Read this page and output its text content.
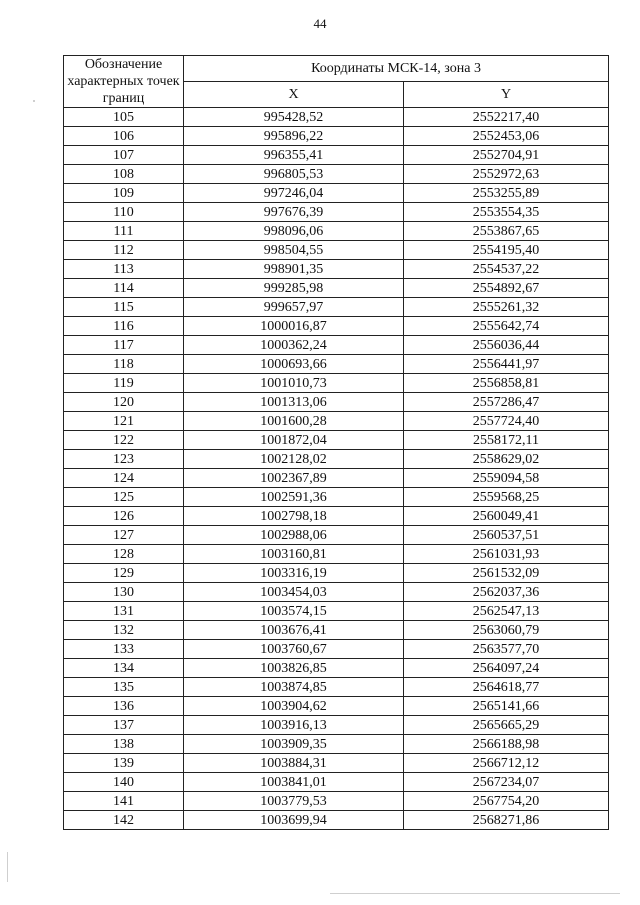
44
Обозначение характерных точек границ	Координаты МСК-14, зона 3	
	X	Y
105	995428,52	2552217,40
106	995896,22	2552453,06
107	996355,41	2552704,91
108	996805,53	2552972,63
109	997246,04	2553255,89
110	997676,39	2553554,35
111	998096,06	2553867,65
112	998504,55	2554195,40
113	998901,35	2554537,22
114	999285,98	2554892,67
115	999657,97	2555261,32
116	1000016,87	2555642,74
117	1000362,24	2556036,44
118	1000693,66	2556441,97
119	1001010,73	2556858,81
120	1001313,06	2557286,47
121	1001600,28	2557724,40
122	1001872,04	2558172,11
123	1002128,02	2558629,02
124	1002367,89	2559094,58
125	1002591,36	2559568,25
126	1002798,18	2560049,41
127	1002988,06	2560537,51
128	1003160,81	2561031,93
129	1003316,19	2561532,09
130	1003454,03	2562037,36
131	1003574,15	2562547,13
132	1003676,41	2563060,79
133	1003760,67	2563577,70
134	1003826,85	2564097,24
135	1003874,85	2564618,77
136	1003904,62	2565141,66
137	1003916,13	2565665,29
138	1003909,35	2566188,98
139	1003884,31	2566712,12
140	1003841,01	2567234,07
141	1003779,53	2567754,20
142	1003699,94	2568271,86
